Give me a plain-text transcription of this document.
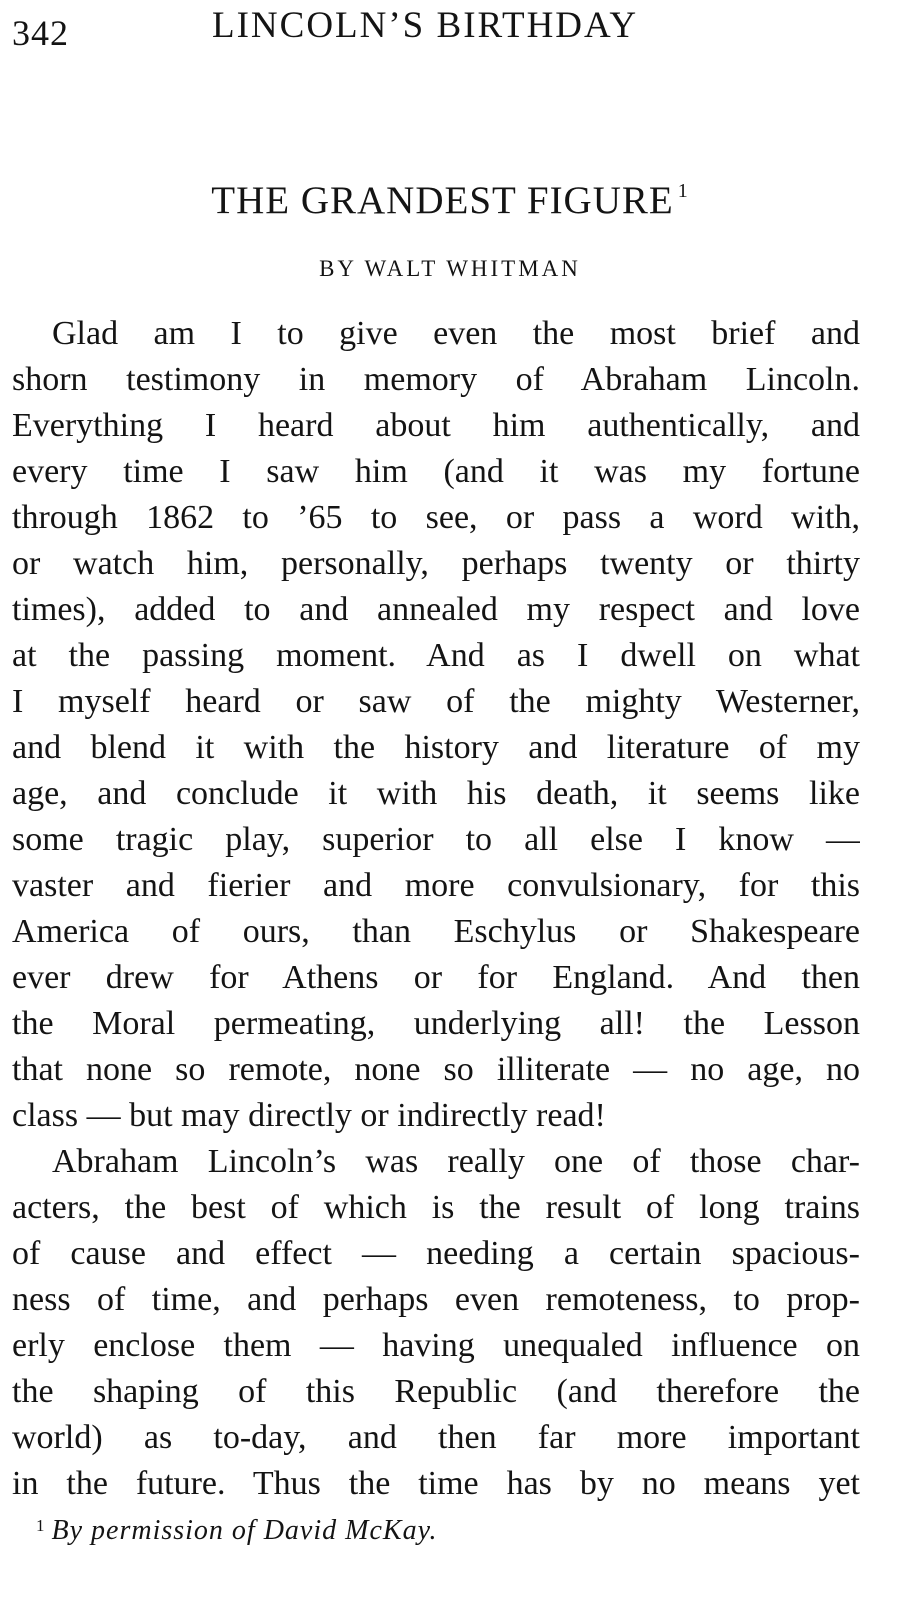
342	LINCOLN’S BIRTHDAY
THE GRANDEST FIGURE $^1$
BY WALT WHITMAN
Glad am I to give even the most brief and
shorn testimony in memory of Abraham Lincoln.
Everything I heard about him authentically, and
every time I saw him (and it was my fortune
through 1862 to ’65 to see, or pass a word with,
or watch him, personally, perhaps twenty or thirty
times), added to and annealed my respect and love
at the passing moment. And as I dwell on what
I myself heard or saw of the mighty Westerner,
and blend it with the history and literature of my
age, and conclude it with his death, it seems like
some tragic play, superior to all else I know —
vaster and fierier and more convulsionary, for this
America of ours, than Eschylus or Shakespeare
ever drew for Athens or for England. And then
the Moral permeating, underlying all! the Lesson
that none so remote, none so illiterate — no age, no
class — but may directly or indirectly read!
Abraham Lincoln’s was really one of those char-
acters, the best of which is the result of long trains
of cause and effect — needing a certain spacious-
ness of time, and perhaps even remoteness, to prop-
erly enclose them — having unequaled influence on
the shaping of this Republic (and therefore the
world) as to-day, and then far more important
in the future. Thus the time has by no means yet
$^1$ By permission of David McKay.
